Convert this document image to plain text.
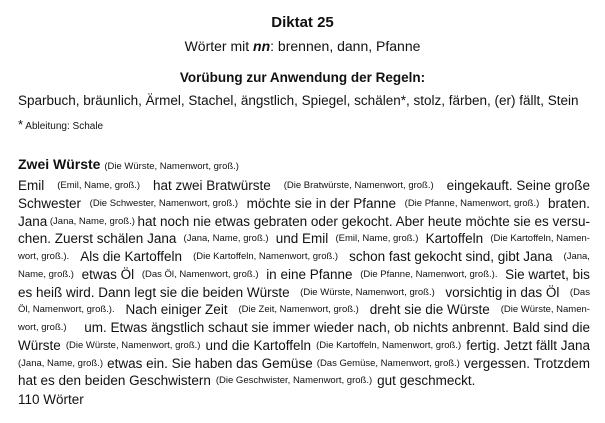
Diktat 25
Wörter mit nn: brennen, dann, Pfanne
Vorübung zur Anwendung der Regeln:
Sparbuch, bräunlich, Ärmel, Stachel, ängstlich, Spiegel, schälen*, stolz, färben, (er) fällt, Stein
* Ableitung: Schale
Zwei Würste (Die Würste, Namenwort, groß.)
Emil (Emil, Name, groß.) hat zwei Bratwürste (Die Bratwürste, Namenwort, groß.) eingekauft. Seine große
Schwester (Die Schwester, Namenwort, groß.) möchte sie in der Pfanne (Die Pfanne, Namenwort, groß.) braten.
Jana (Jana, Name, groß.) hat noch nie etwas gebraten oder gekocht. Aber heute möchte sie es versu-
chen. Zuerst schälen Jana (Jana, Name, groß.) und Emil (Emil, Name, groß.) Kartoffeln (Die Kartoffeln, Namen-
wort, groß.). Als die Kartoffeln (Die Kartoffeln, Namenwort, groß.) schon fast gekocht sind, gibt Jana (Jana,
Name, groß.) etwas Öl (Das Öl, Namenwort, groß.) in eine Pfanne (Die Pfanne, Namenwort, groß.). Sie wartet, bis
es heiß wird. Dann legt sie die beiden Würste (Die Würste, Namenwort, groß.) vorsichtig in das Öl (Das
Öl, Namenwort, groß.). Nach einiger Zeit (Die Zeit, Namenwort, groß.) dreht sie die Würste (Die Würste, Namen-
wort, groß.) um. Etwas ängstlich schaut sie immer wieder nach, ob nichts anbrennt. Bald sind die
Würste (Die Würste, Namenwort, groß.) und die Kartoffeln (Die Kartoffeln, Namenwort, groß.) fertig. Jetzt fällt Jana
(Jana, Name, groß.) etwas ein. Sie haben das Gemüse (Das Gemüse, Namenwort, groß.) vergessen. Trotzdem
hat es den beiden Geschwistern (Die Geschwister, Namenwort, groß.) gut geschmeckt.
110 Wörter
